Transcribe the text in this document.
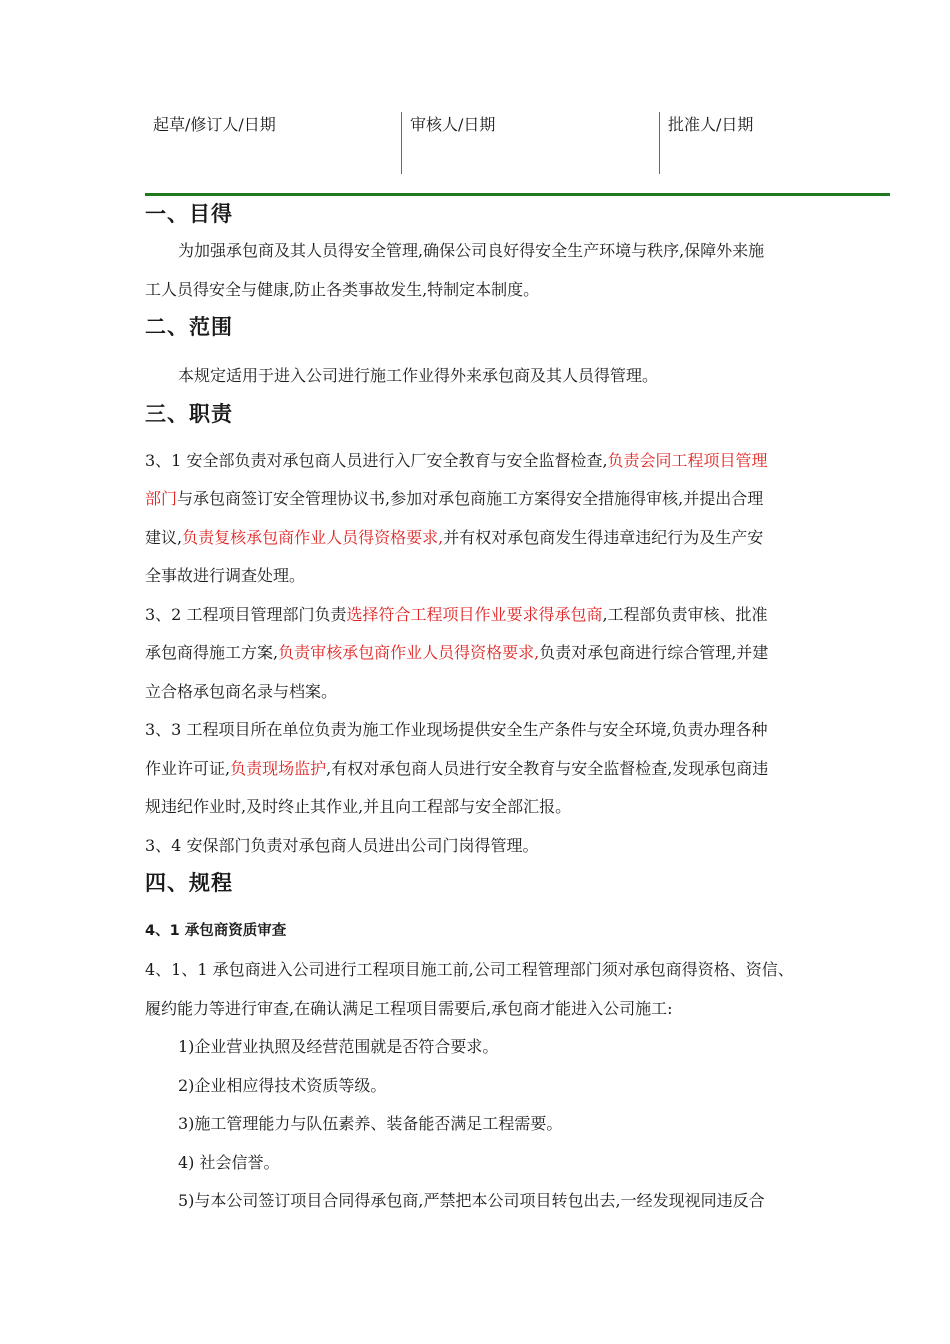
起草/修订人/日期	审核人/日期	批准人/日期
一、目得

为加强承包商及其人员得安全管理,确保公司良好得安全生产环境与秩序,保障外来施

工人员得安全与健康,防止各类事故发生,特制定本制度。

二、范围

本规定适用于进入公司进行施工作业得外来承包商及其人员得管理。

三、职责

3、1 安全部负责对承包商人员进行入厂安全教育与安全监督检查,负责会同工程项目管理

部门与承包商签订安全管理协议书,参加对承包商施工方案得安全措施得审核,并提出合理

建议,负责复核承包商作业人员得资格要求,并有权对承包商发生得违章违纪行为及生产安

全事故进行调查处理。

3、2 工程项目管理部门负责选择符合工程项目作业要求得承包商,工程部负责审核、批准

承包商得施工方案,负责审核承包商作业人员得资格要求,负责对承包商进行综合管理,并建

立合格承包商名录与档案。

3、3 工程项目所在单位负责为施工作业现场提供安全生产条件与安全环境,负责办理各种

作业许可证,负责现场监护,有权对承包商人员进行安全教育与安全监督检查,发现承包商违

规违纪作业时,及时终止其作业,并且向工程部与安全部汇报。

3、4 安保部门负责对承包商人员进出公司门岗得管理。

四、规程
4、1 承包商资质审查

4、1、1 承包商进入公司进行工程项目施工前,公司工程管理部门须对承包商得资格、资信、

履约能力等进行审查,在确认满足工程项目需要后,承包商才能进入公司施工:

1)企业营业执照及经营范围就是否符合要求。

2)企业相应得技术资质等级。

3)施工管理能力与队伍素养、装备能否满足工程需要。

4) 社会信誉。

5)与本公司签订项目合同得承包商,严禁把本公司项目转包出去,一经发现视同违反合
